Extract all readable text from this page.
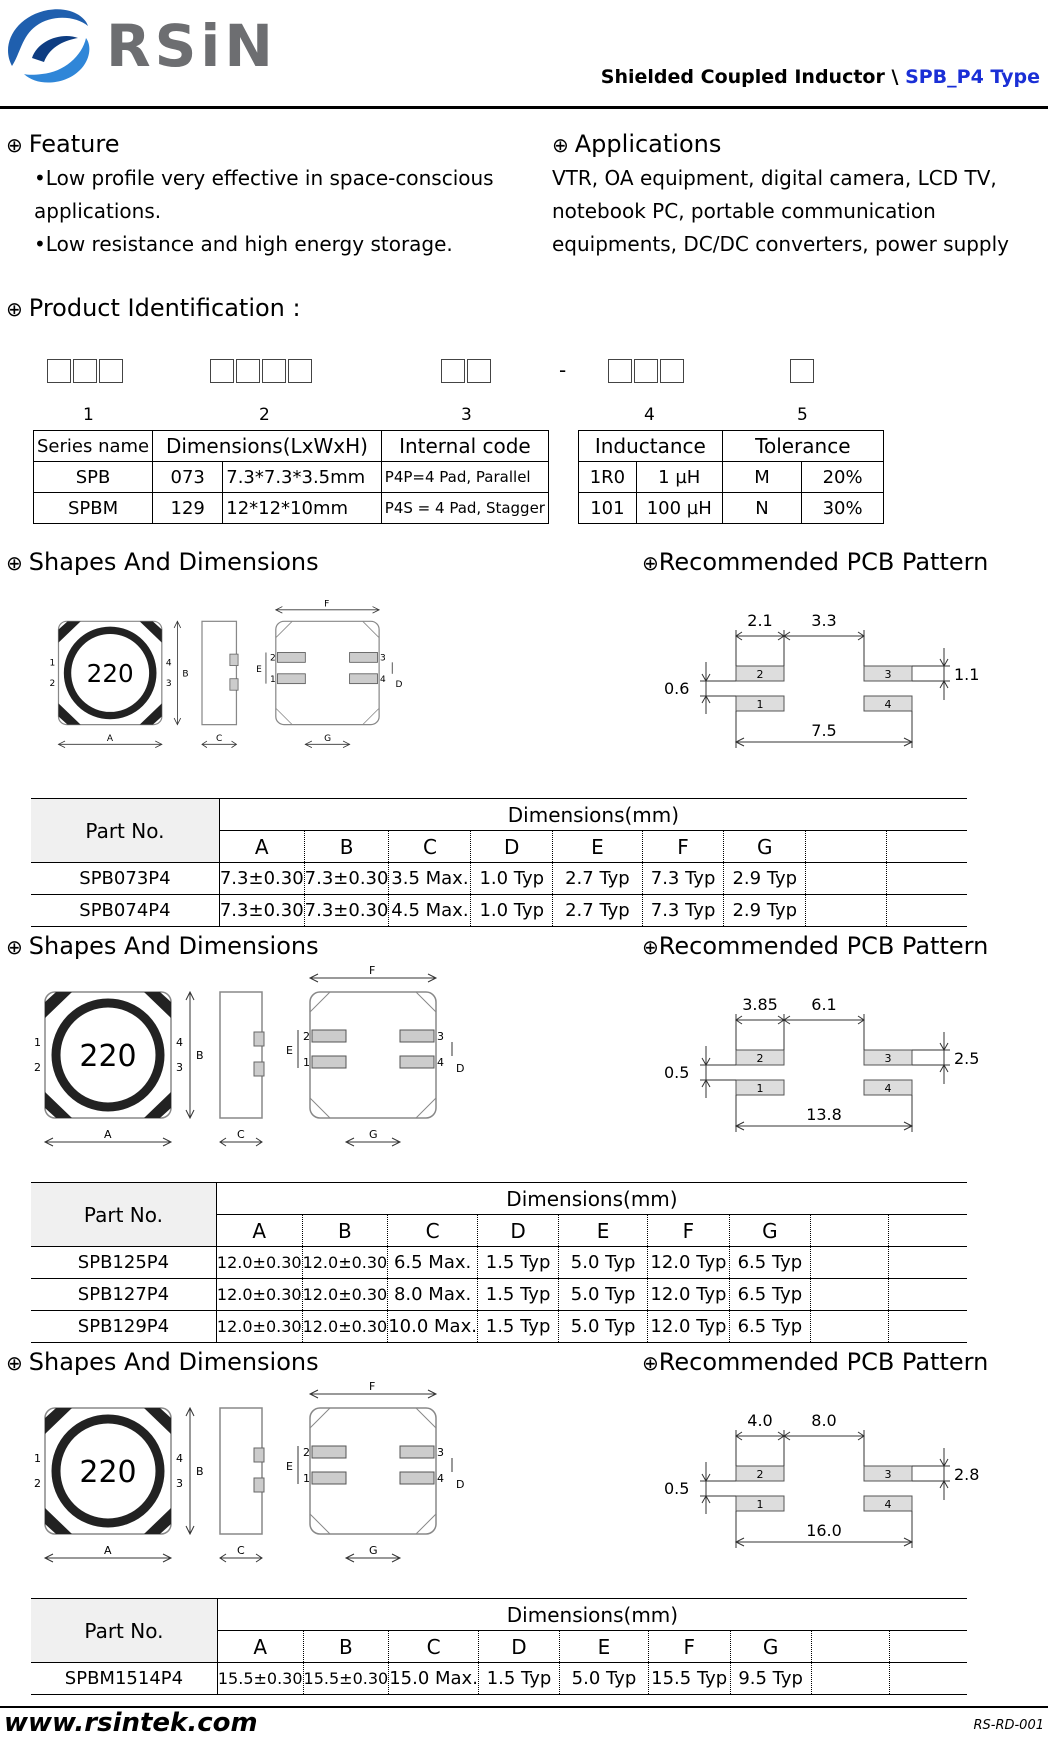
RSiN	Shielded Coupled Inductor \ SPB_P4 Type
⊕ Feature
•Low profile very effective in space-conscious
applications.
•Low resistance and high energy storage.
⊕ Applications
VTR, OA equipment, digital camera, LCD TV,
notebook PC, portable communication
equipments, DC/DC converters, power supply
⊕ Product Identification :
-
1	2	3	4	5
Series name	Dimensions(LxWxH)		Internal code
SPB	073	7.3*7.3*3.5mm	P4P=4 Pad, Parallel
SPBM	129	12*12*10mm	P4S = 4 Pad, Stagger
Inductance		Tolerance	
1R0	1 µH	M	20%
101	100 µH	N	30%
⊕ Shapes And Dimensions	⊕Recommended PCB Pattern
220
1
2
4
3
B
A	C
2
1
3
4
E
D
F
G
2
1
3
4
2.1 3.3
0.6
1.1
7.5
Part No.	Dimensions(mm)								
	A	B	C	D	E	F	G		
SPB073P4	7.3±0.30	7.3±0.30	3.5 Max.	1.0 Typ	2.7 Typ	7.3 Typ	2.9 Typ		
SPB074P4	7.3±0.30	7.3±0.30	4.5 Max.	1.0 Typ	2.7 Typ	7.3 Typ	2.9 Typ		
⊕ Shapes And Dimensions	⊕Recommended PCB Pattern
220
1
2
4
3
B
A	C
2
1
3
4
E
D
F
G
2
1
3
4
3.85 6.1
0.5
2.5
13.8
Part No.	Dimensions(mm)								
	A	B	C	D	E	F	G		
SPB125P4	12.0±0.30	12.0±0.30	6.5 Max.	1.5 Typ	5.0 Typ	12.0 Typ	6.5 Typ		
SPB127P4	12.0±0.30	12.0±0.30	8.0 Max.	1.5 Typ	5.0 Typ	12.0 Typ	6.5 Typ		
SPB129P4	12.0±0.30	12.0±0.30	10.0 Max.	1.5 Typ	5.0 Typ	12.0 Typ	6.5 Typ		
⊕ Shapes And Dimensions	⊕Recommended PCB Pattern
220
1
2
4
3
B
A	C
2
1
3
4
E
D
F
G
2
1
3
4
4.0 8.0
0.5
2.8
16.0
Part No.	Dimensions(mm)								
	A	B	C	D	E	F	G		
SPBM1514P4	15.5±0.30	15.5±0.30	15.0 Max.	1.5 Typ	5.0 Typ	15.5 Typ	9.5 Typ		
www.rsintek.com	RS-RD-001
